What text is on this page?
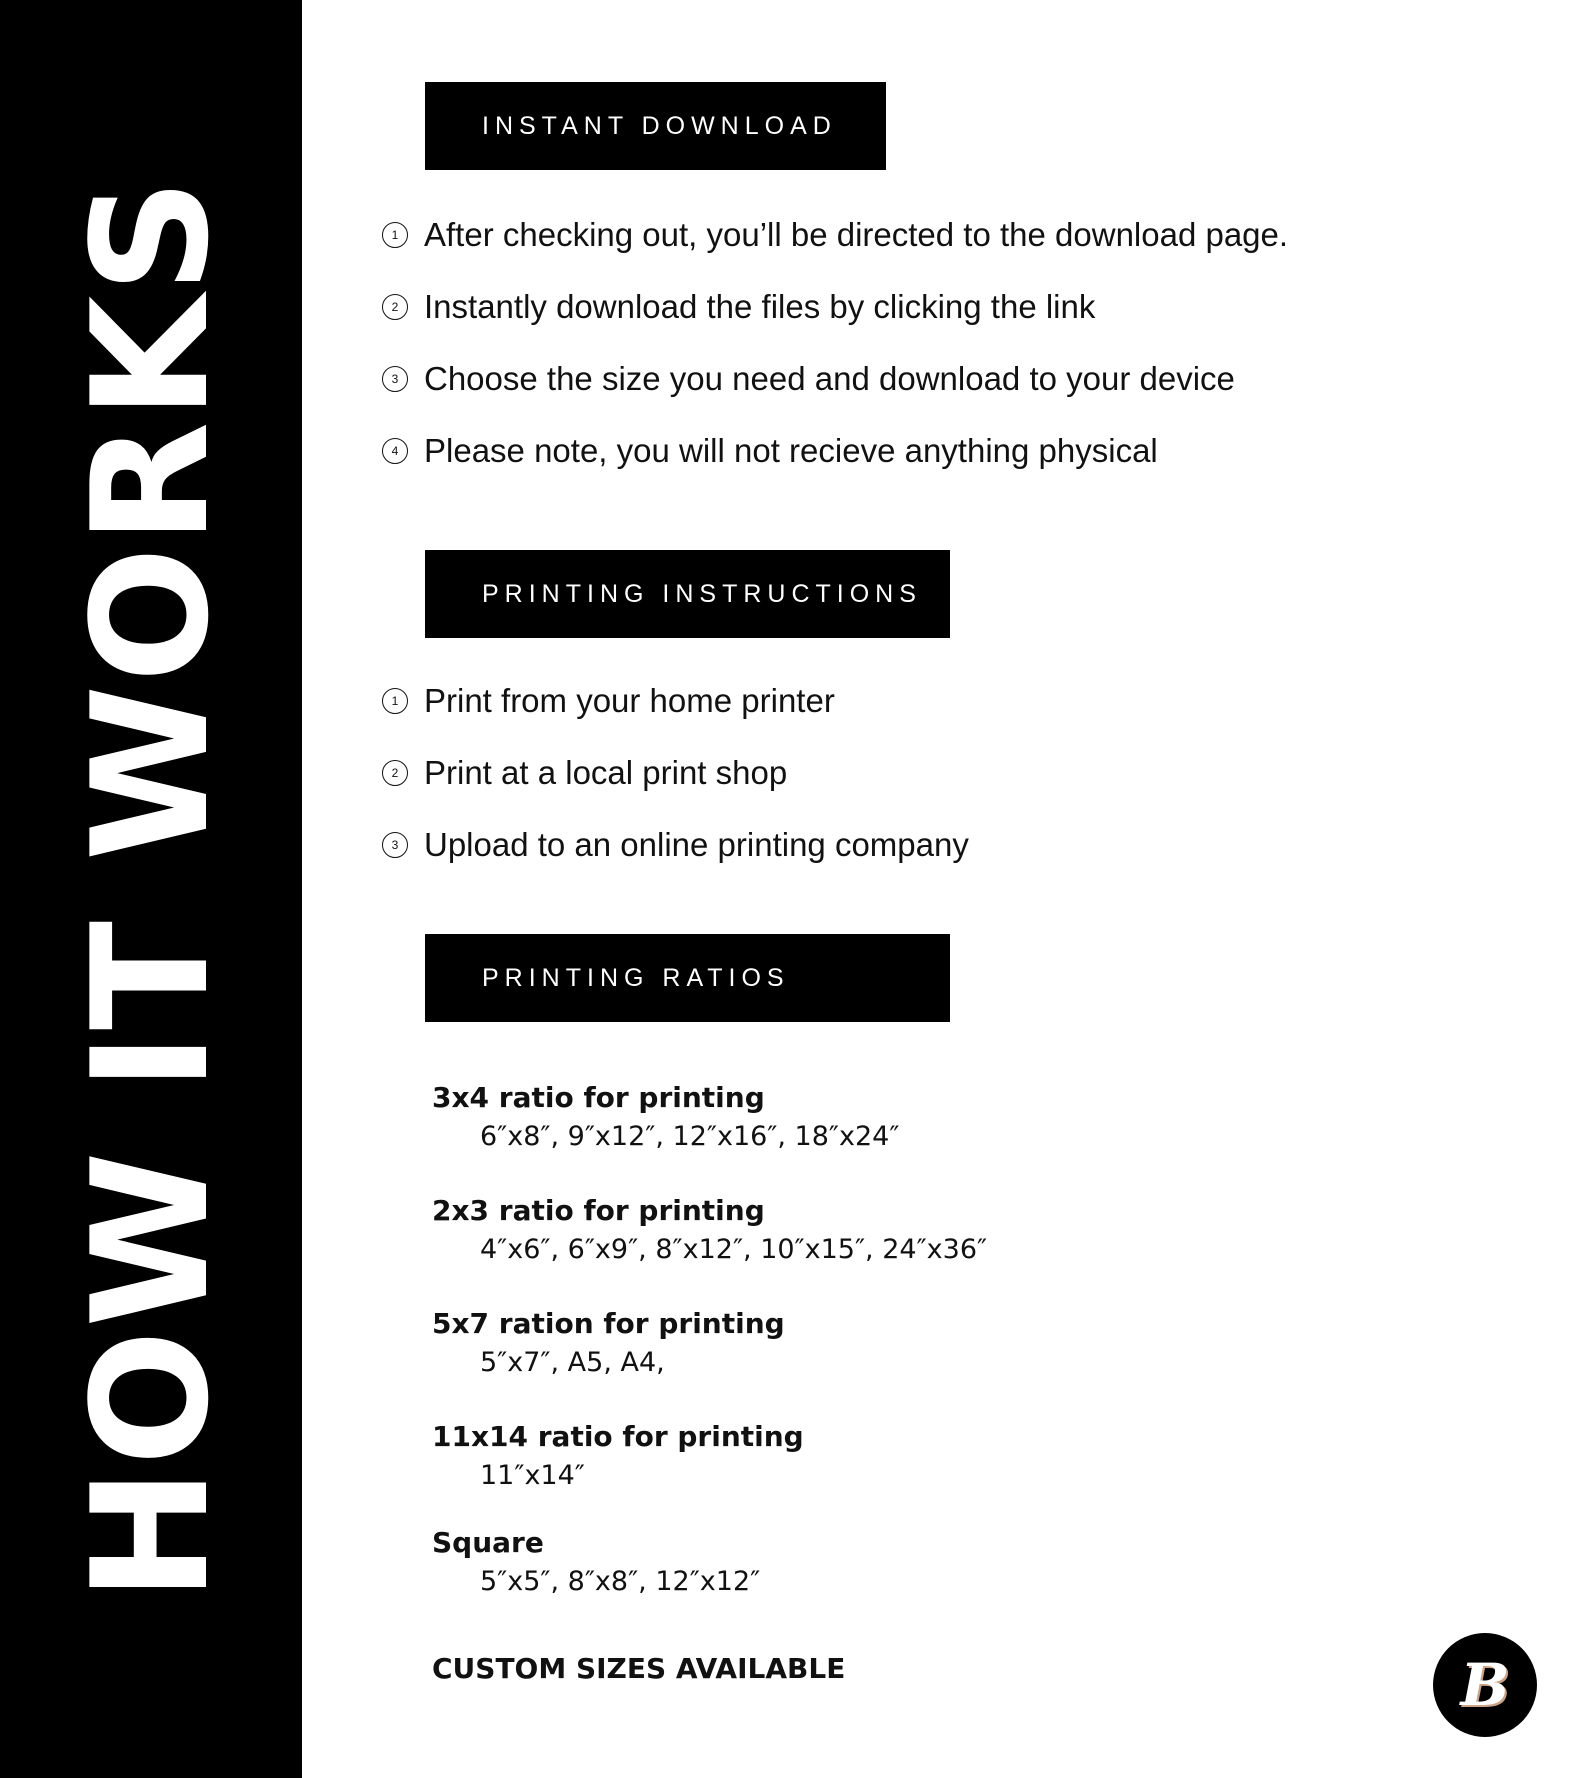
HOW IT WORKS
INSTANT DOWNLOAD
1 After checking out, you’ll be directed to the download page.
2 Instantly download the files by clicking the link
3 Choose the size you need and download to your device
4 Please note, you will not recieve anything physical
PRINTING INSTRUCTIONS
1 Print from your home printer
2 Print at a local print shop
3 Upload to an online printing company
PRINTING RATIOS
3x4 ratio for printing
6″x8″, 9″x12″, 12″x16″, 18″x24″
2x3 ratio for printing
4″x6″, 6″x9″, 8″x12″, 10″x15″, 24″x36″
5x7 ration for printing
5″x7″, A5, A4,
11x14 ratio for printing
11″x14″
Square
5″x5″, 8″x8″, 12″x12″
CUSTOM SIZES AVAILABLE	B
